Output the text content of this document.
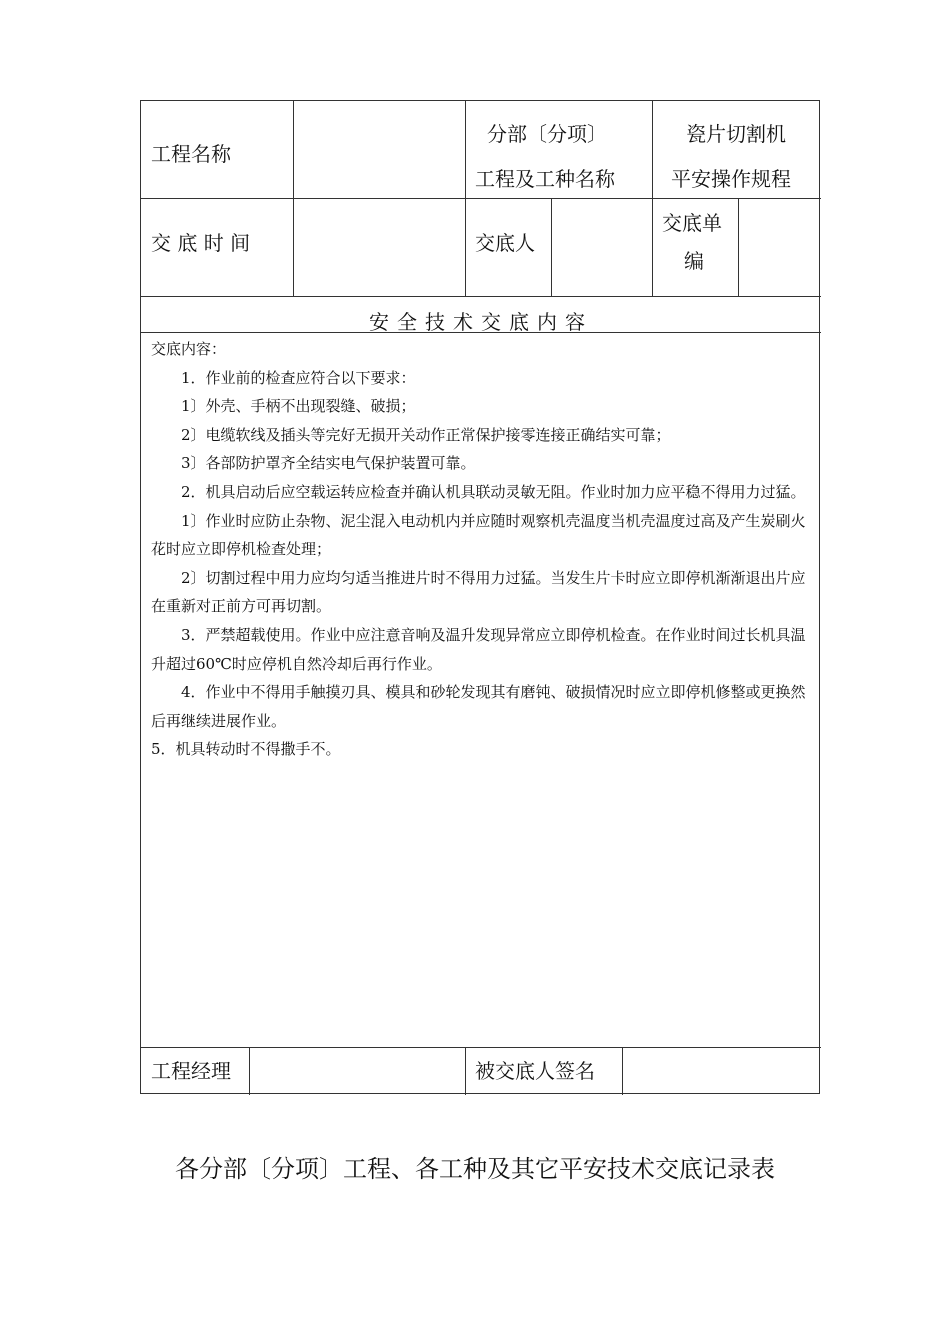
工程名称
分部〔分项〕
工程及工种名称
瓷片切割机
平安操作规程
交 底 时 间	交底人
交底单
编
安全技术交底内容

交底内容：

1．作业前的检查应符合以下要求：

1〕外壳、手柄不出现裂缝、破损；

2〕电缆软线及插头等完好无损开关动作正常保护接零连接正确结实可靠；

3〕各部防护罩齐全结实电气保护装置可靠。

2．机具启动后应空载运转应检查并确认机具联动灵敏无阻。作业时加力应平稳不得用力过猛。

1〕作业时应防止杂物、泥尘混入电动机内并应随时观察机壳温度当机壳温度过高及产生炭刷火花时应立即停机检查处理；

2〕切割过程中用力应均匀适当推进片时不得用力过猛。当发生片卡时应立即停机渐渐退出片应在重新对正前方可再切割。

3．严禁超载使用。作业中应注意音响及温升发现异常应立即停机检查。在作业时间过长机具温升超过60℃时应停机自然冷却后再行作业。

4．作业中不得用手触摸刃具、模具和砂轮发现其有磨钝、破损情况时应立即停机修整或更换然后再继续进展作业。

5．机具转动时不得撒手不。

工程经理	被交底人签名
各分部〔分项〕工程、各工种及其它平安技术交底记录表
